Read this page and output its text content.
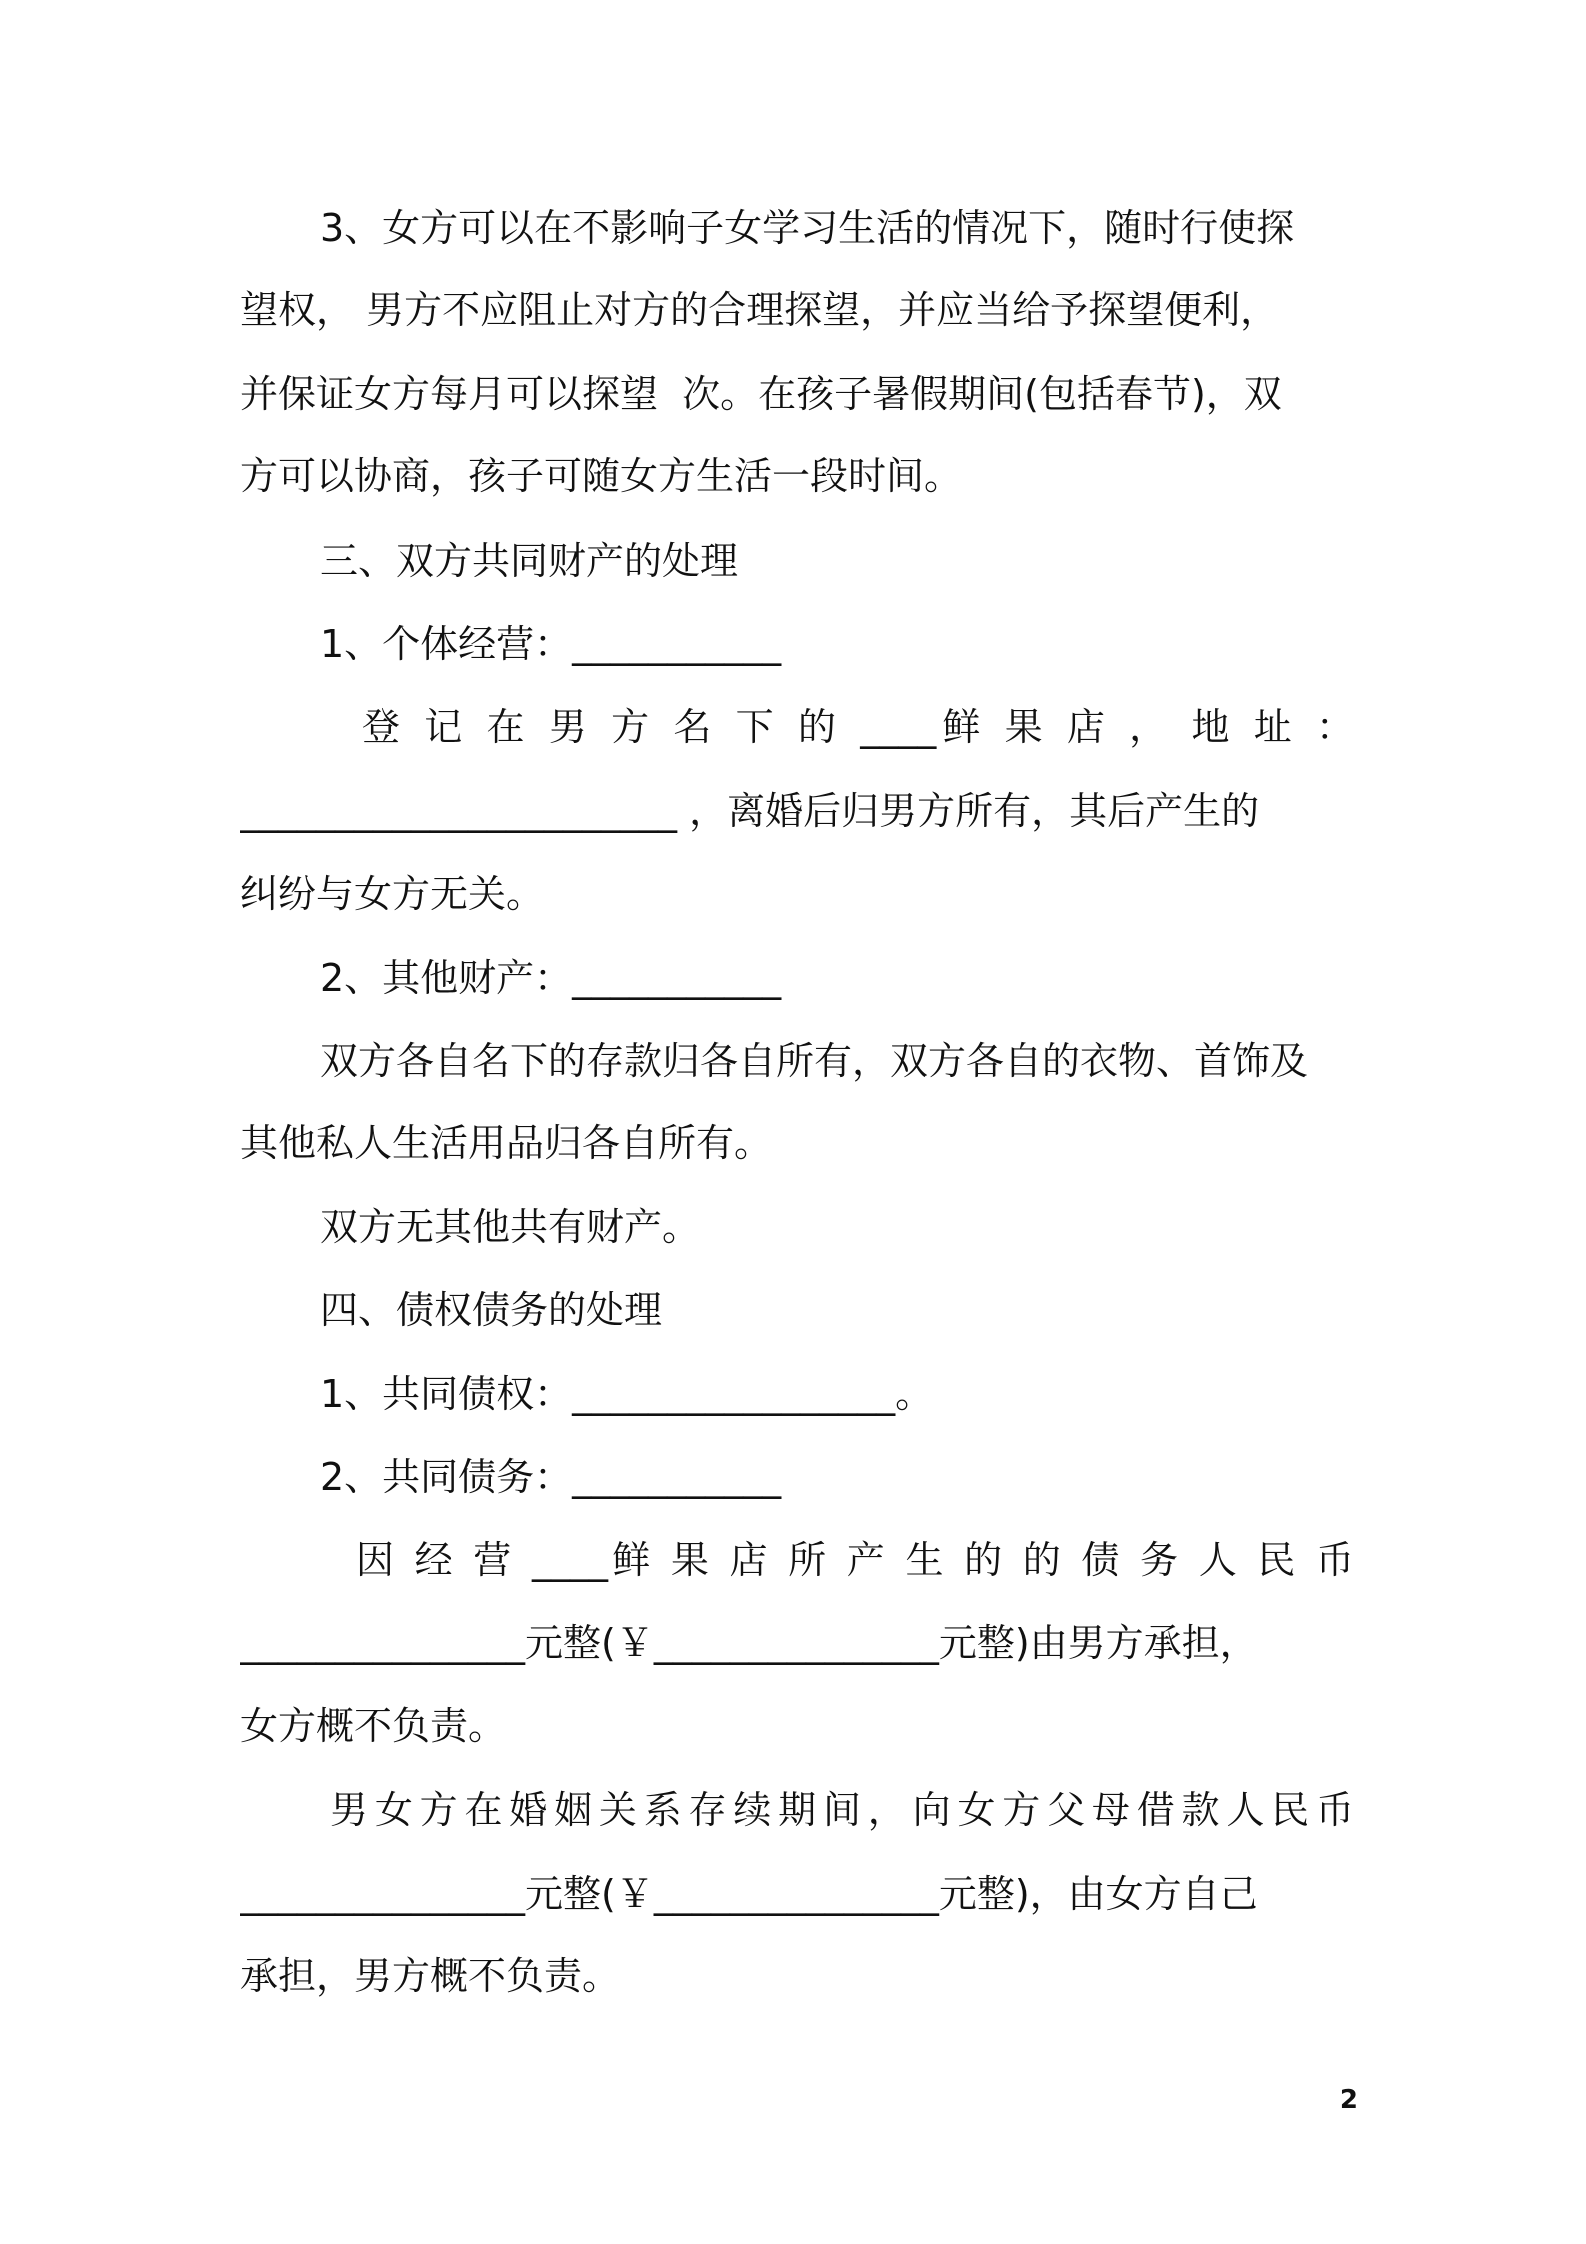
3、女方可以在不影响子女学习生活的情况下，随时行使探
望权， 男方不应阻止对方的合理探望，并应当给予探望便利，
并保证女方每月可以探望  次。在孩子暑假期间(包括春节)，双
方可以协商，孩子可随女方生活一段时间。
三、双方共同财产的处理
1、个体经营：___________
登 记 在 男 方 名 下 的 ____鲜 果 店 ， 地 址 ：
_______________________ ，离婚后归男方所有，其后产生的
纠纷与女方无关。
2、其他财产：___________
双方各自名下的存款归各自所有，双方各自的衣物、首饰及
其他私人生活用品归各自所有。
双方无其他共有财产。
四、债权债务的处理
1、共同债权：_________________。
2、共同债务：___________
因 经 营 ____鲜 果 店 所 产 生 的 的 债 务 人 民 币
_______________元整(￥_______________元整)由男方承担，
女方概不负责。
男女方在婚姻关系存续期间，向女方父母借款人民币
_______________元整(￥_______________元整)，由女方自己
承担，男方概不负责。
2
